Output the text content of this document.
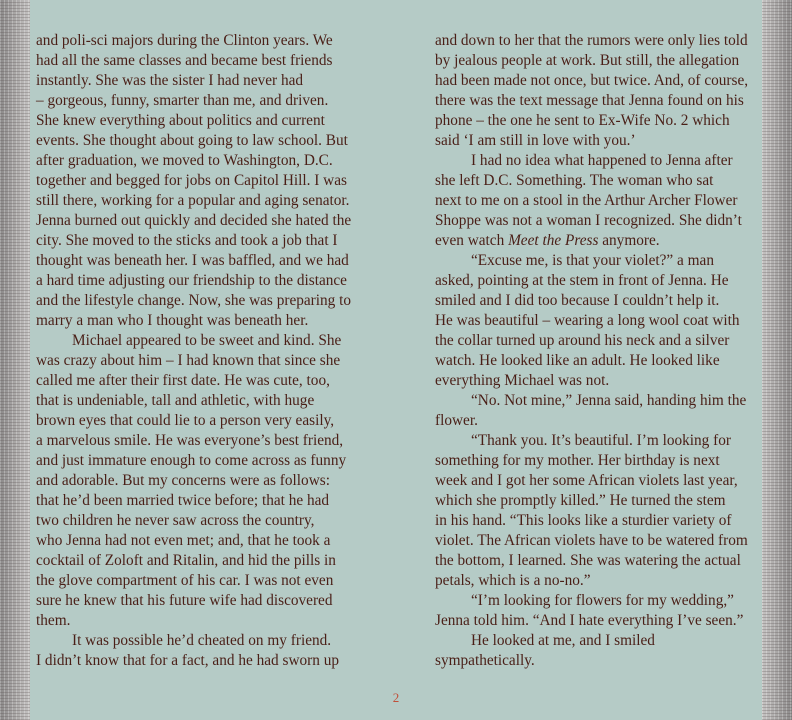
and poli-sci majors during the Clinton years. We
had all the same classes and became best friends
instantly. She was the sister I had never had
– gorgeous, funny, smarter than me, and driven.
She knew everything about politics and current
events. She thought about going to law school. But
after graduation, we moved to Washington, D.C.
together and begged for jobs on Capitol Hill. I was
still there, working for a popular and aging senator.
Jenna burned out quickly and decided she hated the
city. She moved to the sticks and took a job that I
thought was beneath her. I was baffled, and we had
a hard time adjusting our friendship to the distance
and the lifestyle change. Now, she was preparing to
marry a man who I thought was beneath her.
Michael appeared to be sweet and kind. She
was crazy about him – I had known that since she
called me after their first date. He was cute, too,
that is undeniable, tall and athletic, with huge
brown eyes that could lie to a person very easily,
a marvelous smile. He was everyone’s best friend,
and just immature enough to come across as funny
and adorable. But my concerns were as follows:
that he’d been married twice before; that he had
two children he never saw across the country,
who Jenna had not even met; and, that he took a
cocktail of Zoloft and Ritalin, and hid the pills in
the glove compartment of his car. I was not even
sure he knew that his future wife had discovered
them.
It was possible he’d cheated on my friend.
I didn’t know that for a fact, and he had sworn up
and down to her that the rumors were only lies told
by jealous people at work. But still, the allegation
had been made not once, but twice. And, of course,
there was the text message that Jenna found on his
phone – the one he sent to Ex-Wife No. 2 which
said ‘I am still in love with you.’
I had no idea what happened to Jenna after
she left D.C. Something. The woman who sat
next to me on a stool in the Arthur Archer Flower
Shoppe was not a woman I recognized. She didn’t
even watch Meet the Press anymore.
“Excuse me, is that your violet?” a man
asked, pointing at the stem in front of Jenna. He
smiled and I did too because I couldn’t help it.
He was beautiful – wearing a long wool coat with
the collar turned up around his neck and a silver
watch. He looked like an adult. He looked like
everything Michael was not.
“No. Not mine,” Jenna said, handing him the
flower.
“Thank you. It’s beautiful. I’m looking for
something for my mother. Her birthday is next
week and I got her some African violets last year,
which she promptly killed.” He turned the stem
in his hand. “This looks like a sturdier variety of
violet. The African violets have to be watered from
the bottom, I learned. She was watering the actual
petals, which is a no-no.”
“I’m looking for flowers for my wedding,”
Jenna told him. “And I hate everything I’ve seen.”
He looked at me, and I smiled
sympathetically.
2
